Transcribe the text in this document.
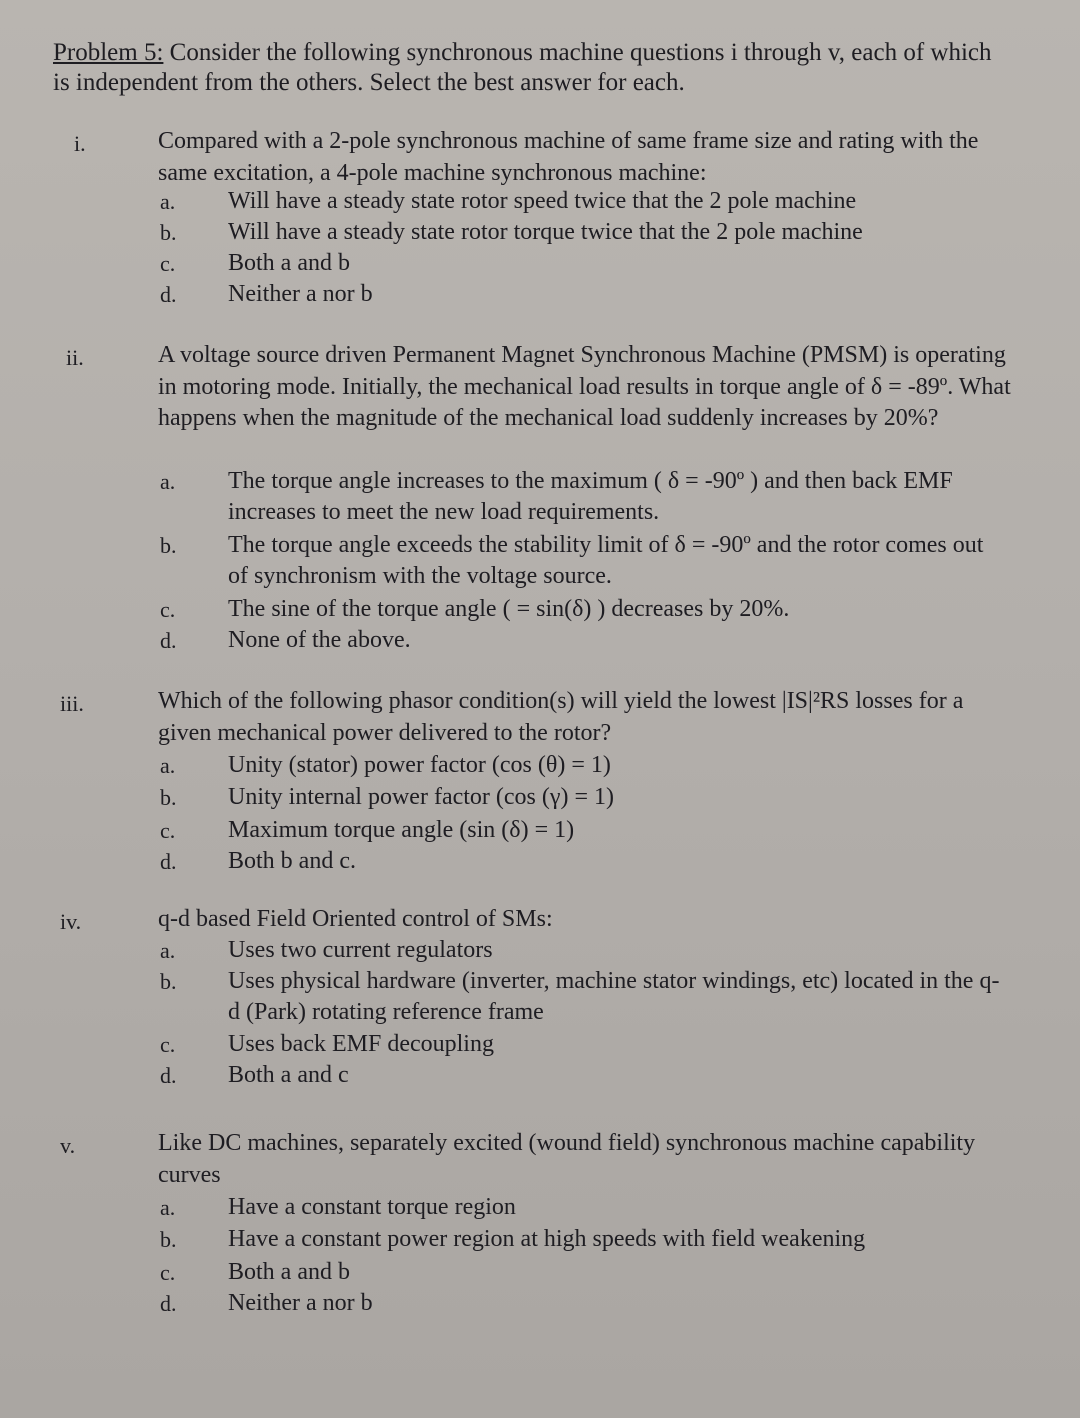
Problem 5: Consider the following synchronous machine questions i through v, each of which is independent from the others. Select the best answer for each.
i.	Compared with a 2-pole synchronous machine of same frame size and rating with the same excitation, a 4-pole machine synchronous machine:
a. Will have a steady state rotor speed twice that the 2 pole machine
b. Will have a steady state rotor torque twice that the 2 pole machine
c. Both a and b
d. Neither a nor b
ii.	A voltage source driven Permanent Magnet Synchronous Machine (PMSM) is operating in motoring mode. Initially, the mechanical load results in torque angle of δ = -89º. What happens when the magnitude of the mechanical load suddenly increases by 20%?
a. The torque angle increases to the maximum ( δ = -90º ) and then back EMF increases to meet the new load requirements.
b. The torque angle exceeds the stability limit of δ = -90º and the rotor comes out of synchronism with the voltage source.
c. The sine of the torque angle ( = sin(δ) ) decreases by 20%.
d. None of the above.
iii.	Which of the following phasor condition(s) will yield the lowest |IS|²RS losses for a given mechanical power delivered to the rotor?
a. Unity (stator) power factor (cos (θ) = 1)
b. Unity internal power factor (cos (γ) = 1)
c. Maximum torque angle (sin (δ) = 1)
d. Both b and c.
iv.	q-d based Field Oriented control of SMs:
a. Uses two current regulators
b. Uses physical hardware (inverter, machine stator windings, etc) located in the q-d (Park) rotating reference frame
c. Uses back EMF decoupling
d. Both a and c
v.	Like DC machines, separately excited (wound field) synchronous machine capability curves
a. Have a constant torque region
b. Have a constant power region at high speeds with field weakening
c. Both a and b
d. Neither a nor b
